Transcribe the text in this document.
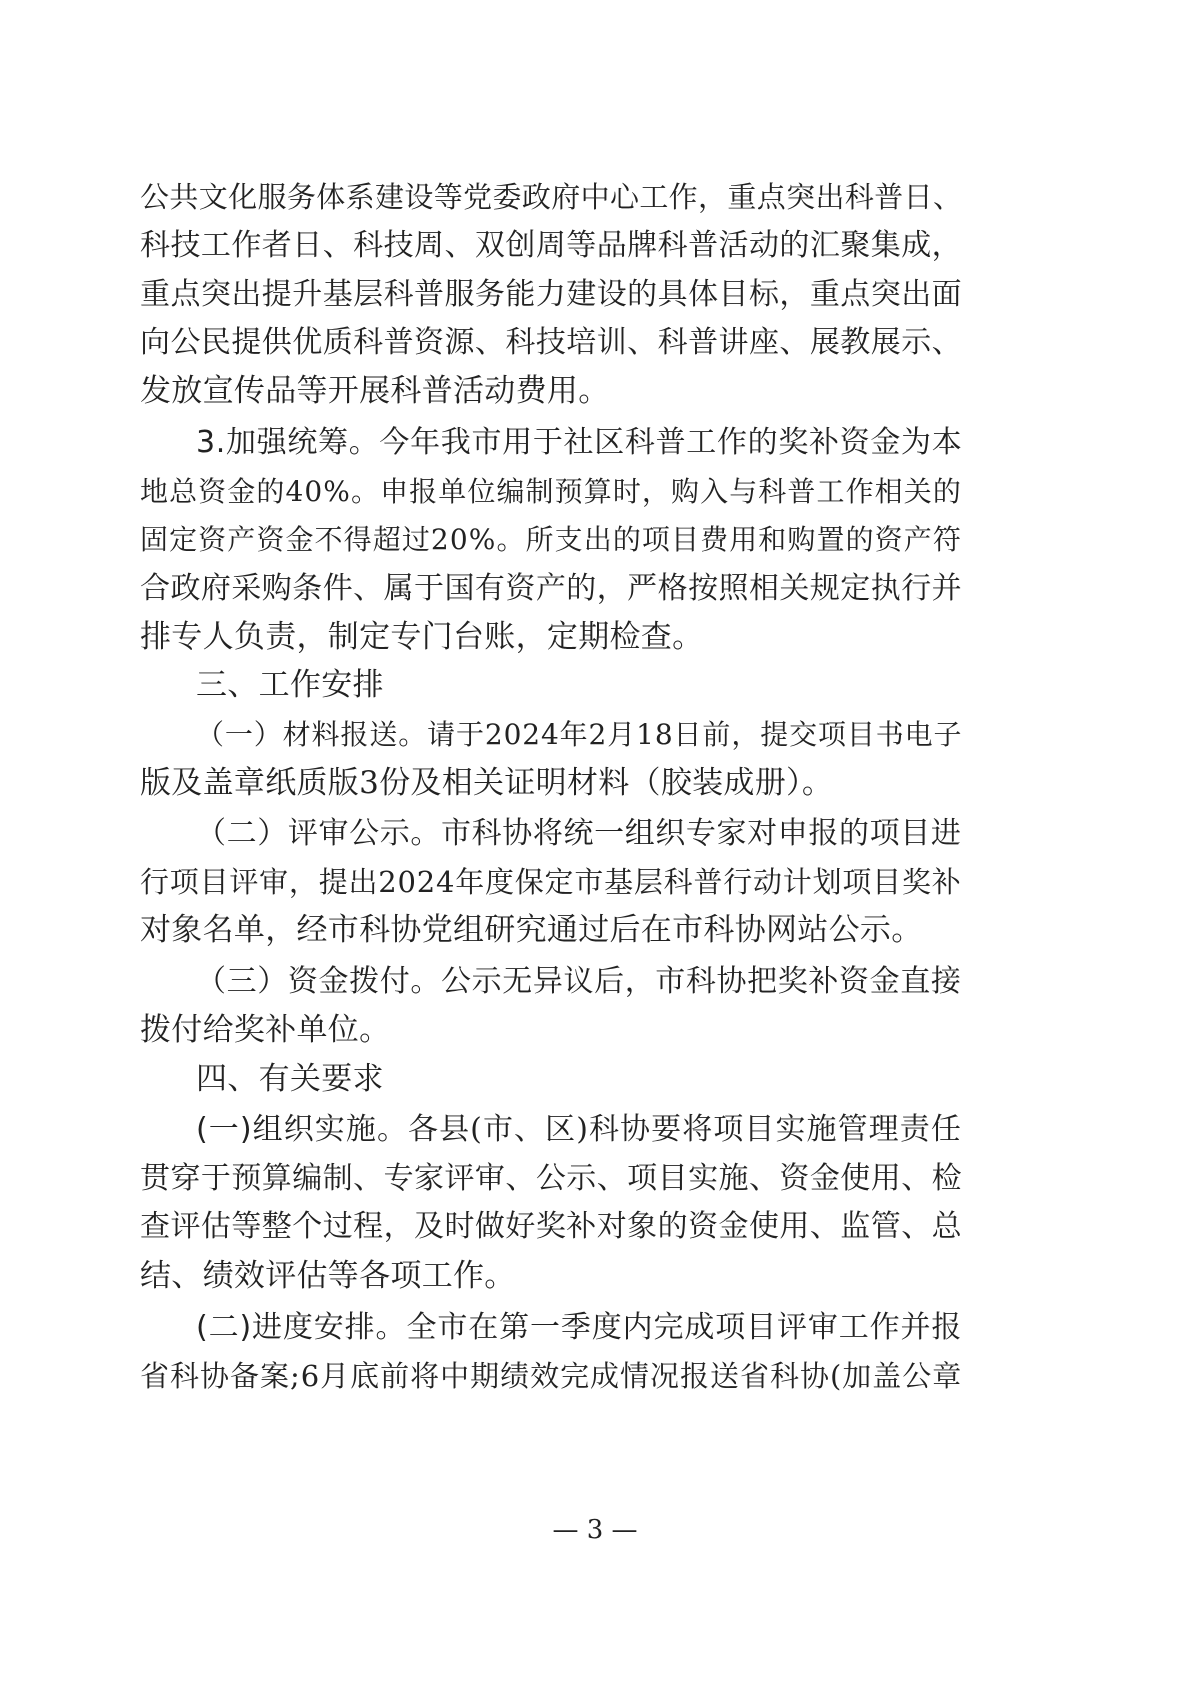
公共文化服务体系建设等党委政府中心工作，重点突出科普日、
科技工作者日、科技周、双创周等品牌科普活动的汇聚集成，
重点突出提升基层科普服务能力建设的具体目标，重点突出面
向公民提供优质科普资源、科技培训、科普讲座、展教展示、
发放宣传品等开展科普活动费用。
3.加强统筹。今年我市用于社区科普工作的奖补资金为本
地总资金的40%。申报单位编制预算时，购入与科普工作相关的
固定资产资金不得超过20%。所支出的项目费用和购置的资产符
合政府采购条件、属于国有资产的，严格按照相关规定执行并
排专人负责，制定专门台账，定期检查。
三、工作安排
（一）材料报送。请于2024年2月18日前，提交项目书电子
版及盖章纸质版3份及相关证明材料（胶装成册）。
（二）评审公示。市科协将统一组织专家对申报的项目进
行项目评审，提出2024年度保定市基层科普行动计划项目奖补
对象名单，经市科协党组研究通过后在市科协网站公示。
（三）资金拨付。公示无异议后，市科协把奖补资金直接
拨付给奖补单位。
四、有关要求
(一)组织实施。各县(市、区)科协要将项目实施管理责任
贯穿于预算编制、专家评审、公示、项目实施、资金使用、检
查评估等整个过程，及时做好奖补对象的资金使用、监管、总
结、绩效评估等各项工作。
(二)进度安排。全市在第一季度内完成项目评审工作并报
省科协备案;6月底前将中期绩效完成情况报送省科协(加盖公章
— 3 —
